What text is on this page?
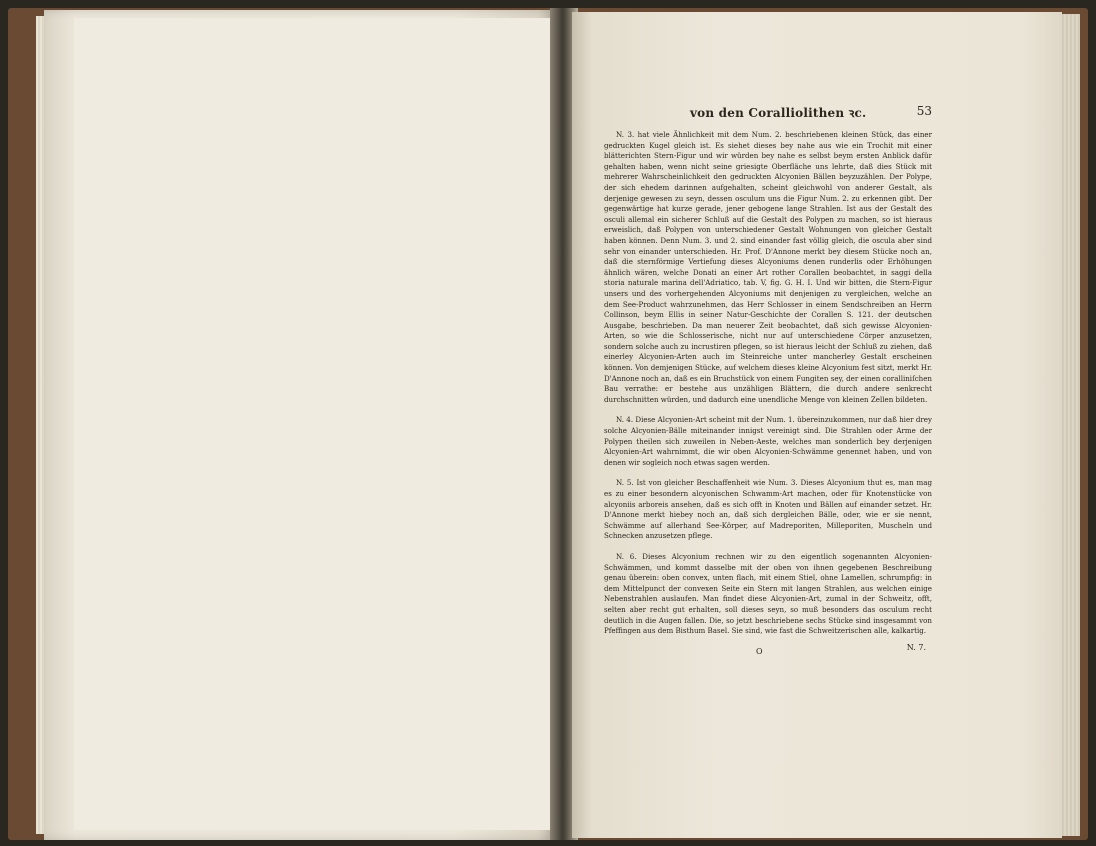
von den Coralliolithen ꝛc.	53

N. 3. hat viele Ähnlichkeit mit dem Num. 2. beschriebenen kleinen Stück, das einer gedruckten Kugel gleich ist. Es siehet dieses bey nahe aus wie ein Trochit mit einer blätterichten Stern-Figur und wir würden bey nahe es selbst beym ersten Anblick dafür gehalten haben, wenn nicht seine griesigte Oberfläche uns lehrte, daß dies Stück mit mehrerer Wahrscheinlichkeit den gedruckten Alcyonien Bällen beyzuzählen. Der Polype, der sich ehedem darinnen aufgehalten, scheint gleichwohl von anderer Gestalt, als derjenige gewesen zu seyn, dessen osculum uns die Figur Num. 2. zu erkennen gibt. Der gegenwärtige hat kurze gerade, jener gebogene lange Strahlen. Ist aus der Gestalt des osculi allemal ein sicherer Schluß auf die Gestalt des Polypen zu machen, so ist hieraus erweislich, daß Polypen von unterschiedener Gestalt Wohnungen von gleicher Gestalt haben können. Denn Num. 3. und 2. sind einander fast völlig gleich, die oscula aber sind sehr von einander unterschieden. Hr. Prof. D'Annone merkt bey diesem Stücke noch an, daß die sternförmige Vertiefung dieses Alcyoniums denen runderlis oder Erhöhungen ähnlich wären, welche Donati an einer Art rother Corallen beobachtet, in saggi della storia naturale marina dell'Adriatico, tab. V, fig. G. H. I. Und wir bitten, die Stern-Figur unsers und des vorhergehenden Alcyoniums mit denjenigen zu vergleichen, welche an dem See-Product wahrzunehmen, das Herr Schlosser in einem Sendschreiben an Herrn Collinson, beym Ellis in seiner Natur-Geschichte der Corallen S. 121. der deutschen Ausgabe, beschrieben. Da man neuerer Zeit beobachtet, daß sich gewisse Alcyonien-Arten, so wie die Schlosserische, nicht nur auf unterschiedene Cörper anzusetzen, sondern solche auch zu incrustiren pflegen, so ist hieraus leicht der Schluß zu ziehen, daß einerley Alcyonien-Arten auch im Steinreiche unter mancherley Gestalt erscheinen können. Von demjenigen Stücke, auf welchem dieses kleine Alcyonium fest sitzt, merkt Hr. D'Annone noch an, daß es ein Bruchstück von einem Fungiten sey, der einen coralliniſchen Bau verrathe: er bestehe aus unzähligen Blättern, die durch andere senkrecht durchschnitten würden, und dadurch eine unendliche Menge von kleinen Zellen bildeten.

N. 4. Diese Alcyonien-Art scheint mit der Num. 1. übereinzukommen, nur daß hier drey solche Alcyonien-Bälle miteinander innigst vereinigt sind. Die Strahlen oder Arme der Polypen theilen sich zuweilen in Neben-Aeste, welches man sonderlich bey derjenigen Alcyonien-Art wahrnimmt, die wir oben Alcyonien-Schwämme genennet haben, und von denen wir sogleich noch etwas sagen werden.

N. 5. Ist von gleicher Beschaffenheit wie Num. 3. Dieses Alcyonium thut es, man mag es zu einer besondern alcyonischen Schwamm-Art machen, oder für Knotenstücke von alcyoniis arboreis ansehen, daß es sich offt in Knoten und Bällen auf einander setzet. Hr. D'Annone merkt hiebey noch an, daß sich dergleichen Bälle, oder, wie er sie nennt, Schwämme auf allerhand See-Körper, auf Madreporiten, Milleporiten, Muscheln und Schnecken anzusetzen pflege.

N. 6. Dieses Alcyonium rechnen wir zu den eigentlich sogenannten Alcyonien-Schwämmen, und kommt dasselbe mit der oben von ihnen gegebenen Beschreibung genau überein: oben convex, unten flach, mit einem Stiel, ohne Lamellen, schrumpfig: in dem Mittelpunct der convexen Seite ein Stern mit langen Strahlen, aus welchen einige Nebenstrahlen auslaufen. Man findet diese Alcyonien-Art, zumal in der Schweitz, offt, selten aber recht gut erhalten, soll dieses seyn, so muß besonders das osculum recht deutlich in die Augen fallen. Die, so jetzt beschriebene sechs Stücke sind insgesammt von Pfeffingen aus dem Bisthum Basel. Sie sind, wie fast die Schweitzerischen alle, kalkartig.

O	N. 7.
